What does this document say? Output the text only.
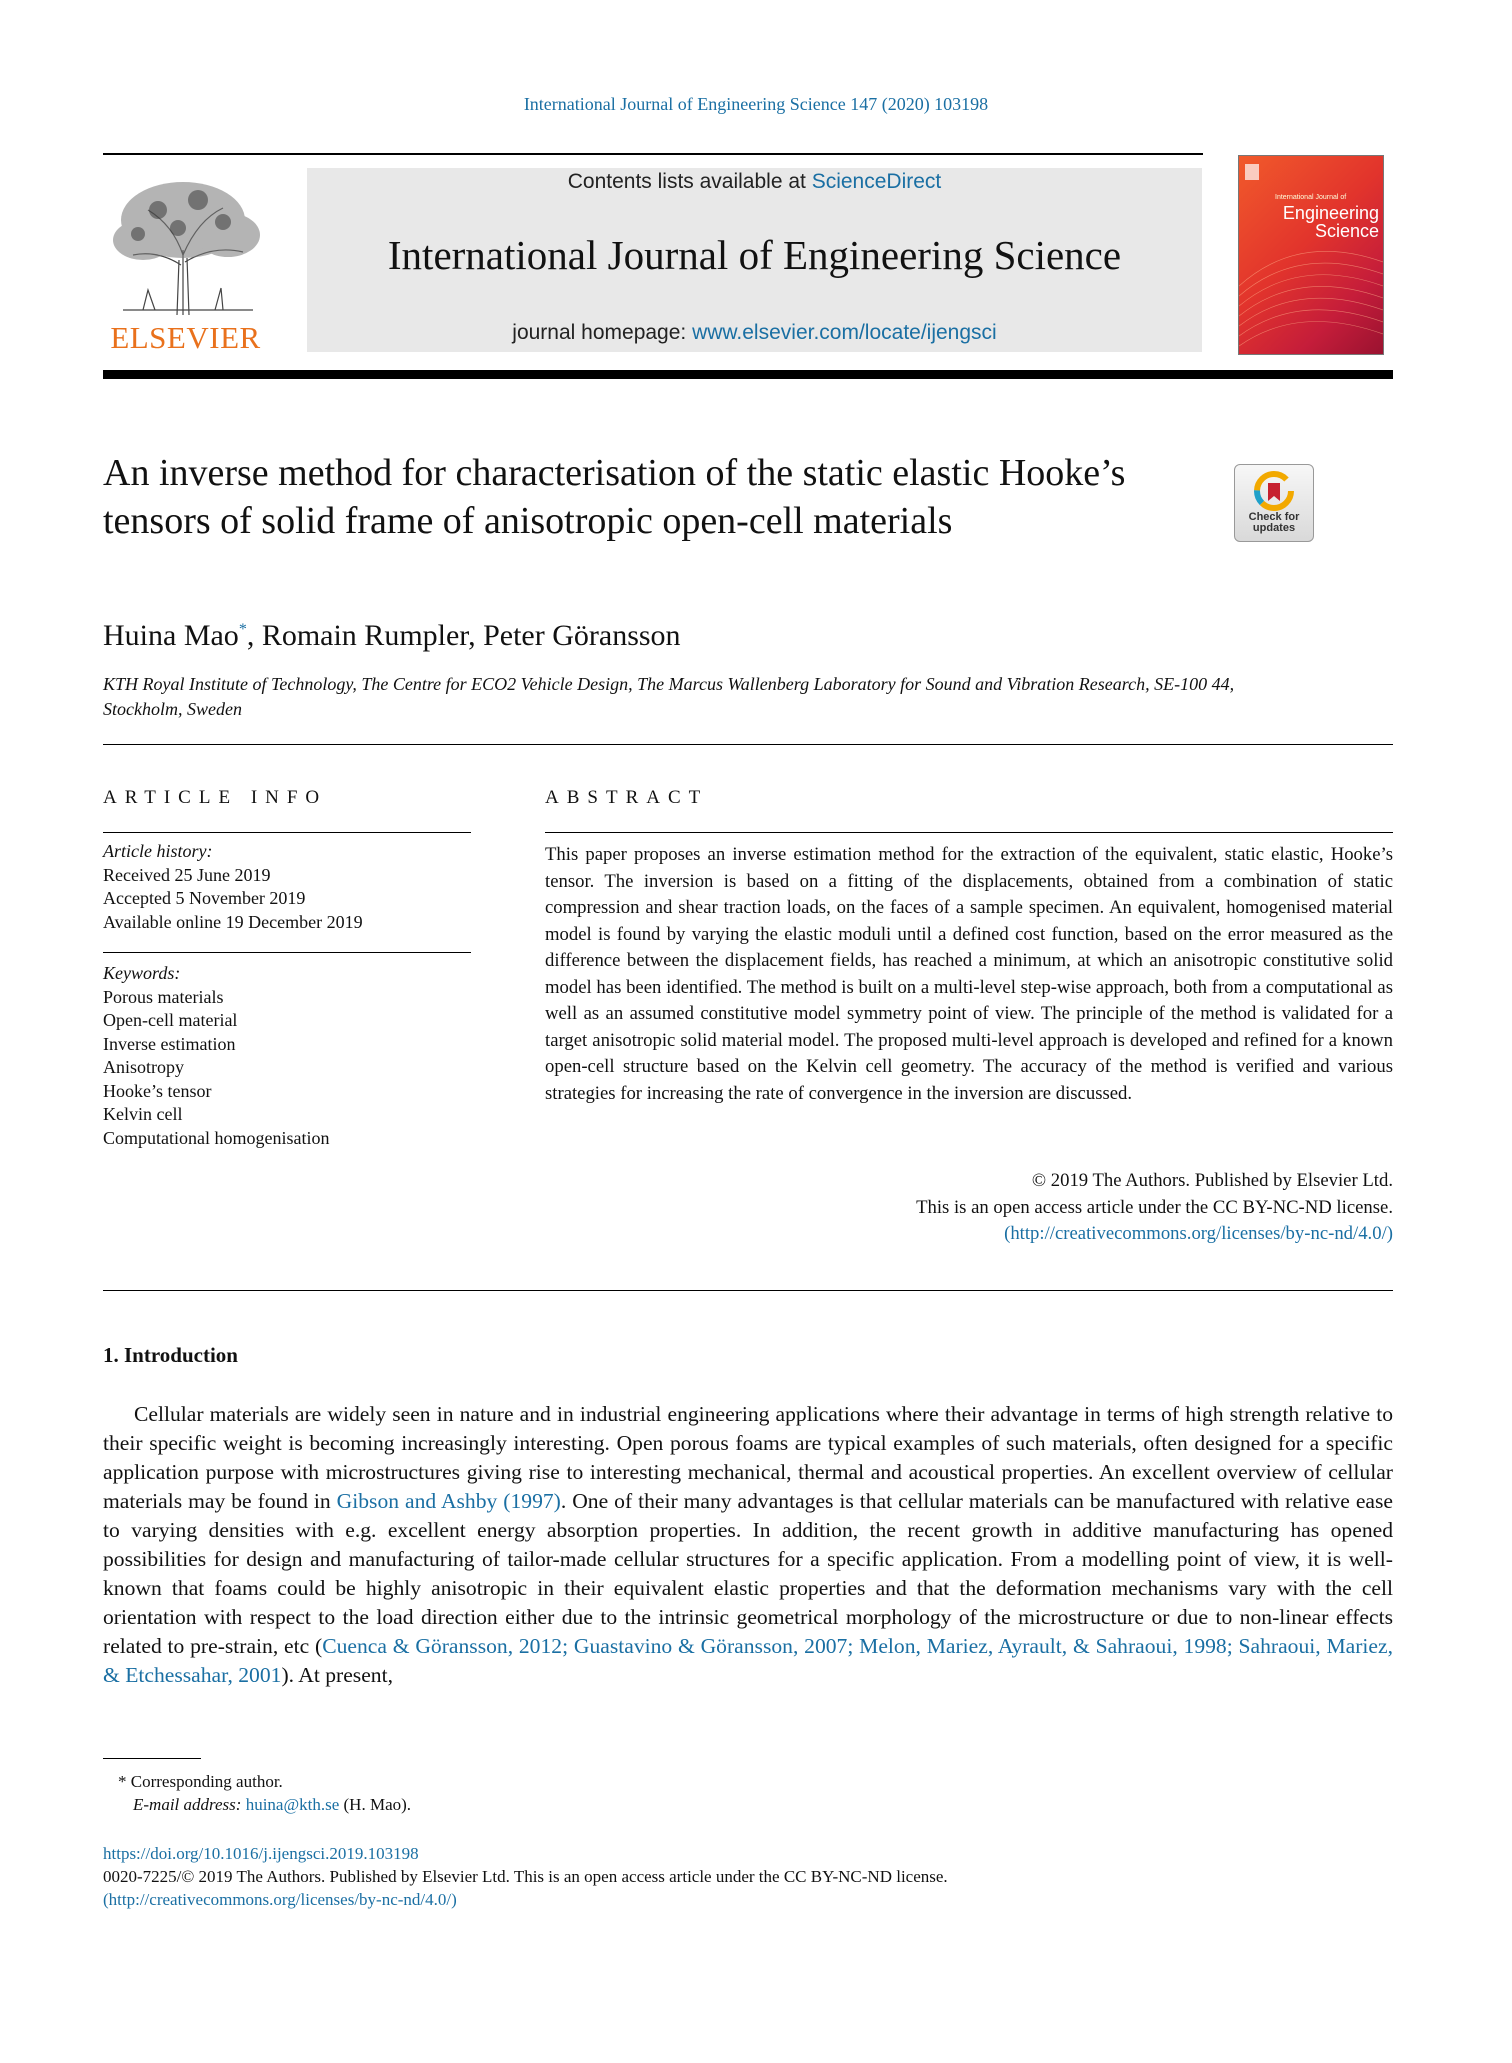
International Journal of Engineering Science 147 (2020) 103198
ELSEVIER
Contents lists available at ScienceDirect
International Journal of Engineering Science
journal homepage: www.elsevier.com/locate/ijengsci
International Journal of
Engineering
Science
An inverse method for characterisation of the static elastic Hooke’s tensors of solid frame of anisotropic open-cell materials	Check for
updates
Huina Mao*, Romain Rumpler, Peter Göransson
KTH Royal Institute of Technology, The Centre for ECO2 Vehicle Design, The Marcus Wallenberg Laboratory for Sound and Vibration Research, SE-100 44, Stockholm, Sweden
ARTICLE INFO	ABSTRACT
Article history:
Received 25 June 2019
Accepted 5 November 2019
Available online 19 December 2019
Keywords:
Porous materials
Open-cell material
Inverse estimation
Anisotropy
Hooke’s tensor
Kelvin cell
Computational homogenisation
This paper proposes an inverse estimation method for the extraction of the equivalent, static elastic, Hooke’s tensor. The inversion is based on a fitting of the displacements, obtained from a combination of static compression and shear traction loads, on the faces of a sample specimen. An equivalent, homogenised material model is found by varying the elastic moduli until a defined cost function, based on the error measured as the difference between the displacement fields, has reached a minimum, at which an anisotropic constitutive solid model has been identified. The method is built on a multi-level step-wise approach, both from a computational as well as an assumed constitutive model symmetry point of view. The principle of the method is validated for a target anisotropic solid material model. The proposed multi-level approach is developed and refined for a known open-cell structure based on the Kelvin cell geometry. The accuracy of the method is verified and various strategies for increasing the rate of convergence in the inversion are discussed.
© 2019 The Authors. Published by Elsevier Ltd.
This is an open access article under the CC BY-NC-ND license.
(http://creativecommons.org/licenses/by-nc-nd/4.0/)
1. Introduction
Cellular materials are widely seen in nature and in industrial engineering applications where their advantage in terms of high strength relative to their specific weight is becoming increasingly interesting. Open porous foams are typical examples of such materials, often designed for a specific application purpose with microstructures giving rise to interesting mechanical, thermal and acoustical properties. An excellent overview of cellular materials may be found in Gibson and Ashby (1997). One of their many advantages is that cellular materials can be manufactured with relative ease to varying densities with e.g. excellent energy absorption properties. In addition, the recent growth in additive manufacturing has opened possibilities for design and manufacturing of tailor-made cellular structures for a specific application. From a modelling point of view, it is well-known that foams could be highly anisotropic in their equivalent elastic properties and that the deformation mechanisms vary with the cell orientation with respect to the load direction either due to the intrinsic geometrical morphology of the microstructure or due to non-linear effects related to pre-strain, etc (Cuenca & Göransson, 2012; Guastavino & Göransson, 2007; Melon, Mariez, Ayrault, & Sahraoui, 1998; Sahraoui, Mariez, & Etchessahar, 2001). At present,
* Corresponding author.
E-mail address: huina@kth.se (H. Mao).
https://doi.org/10.1016/j.ijengsci.2019.103198
0020-7225/© 2019 The Authors. Published by Elsevier Ltd. This is an open access article under the CC BY-NC-ND license.
(http://creativecommons.org/licenses/by-nc-nd/4.0/)
